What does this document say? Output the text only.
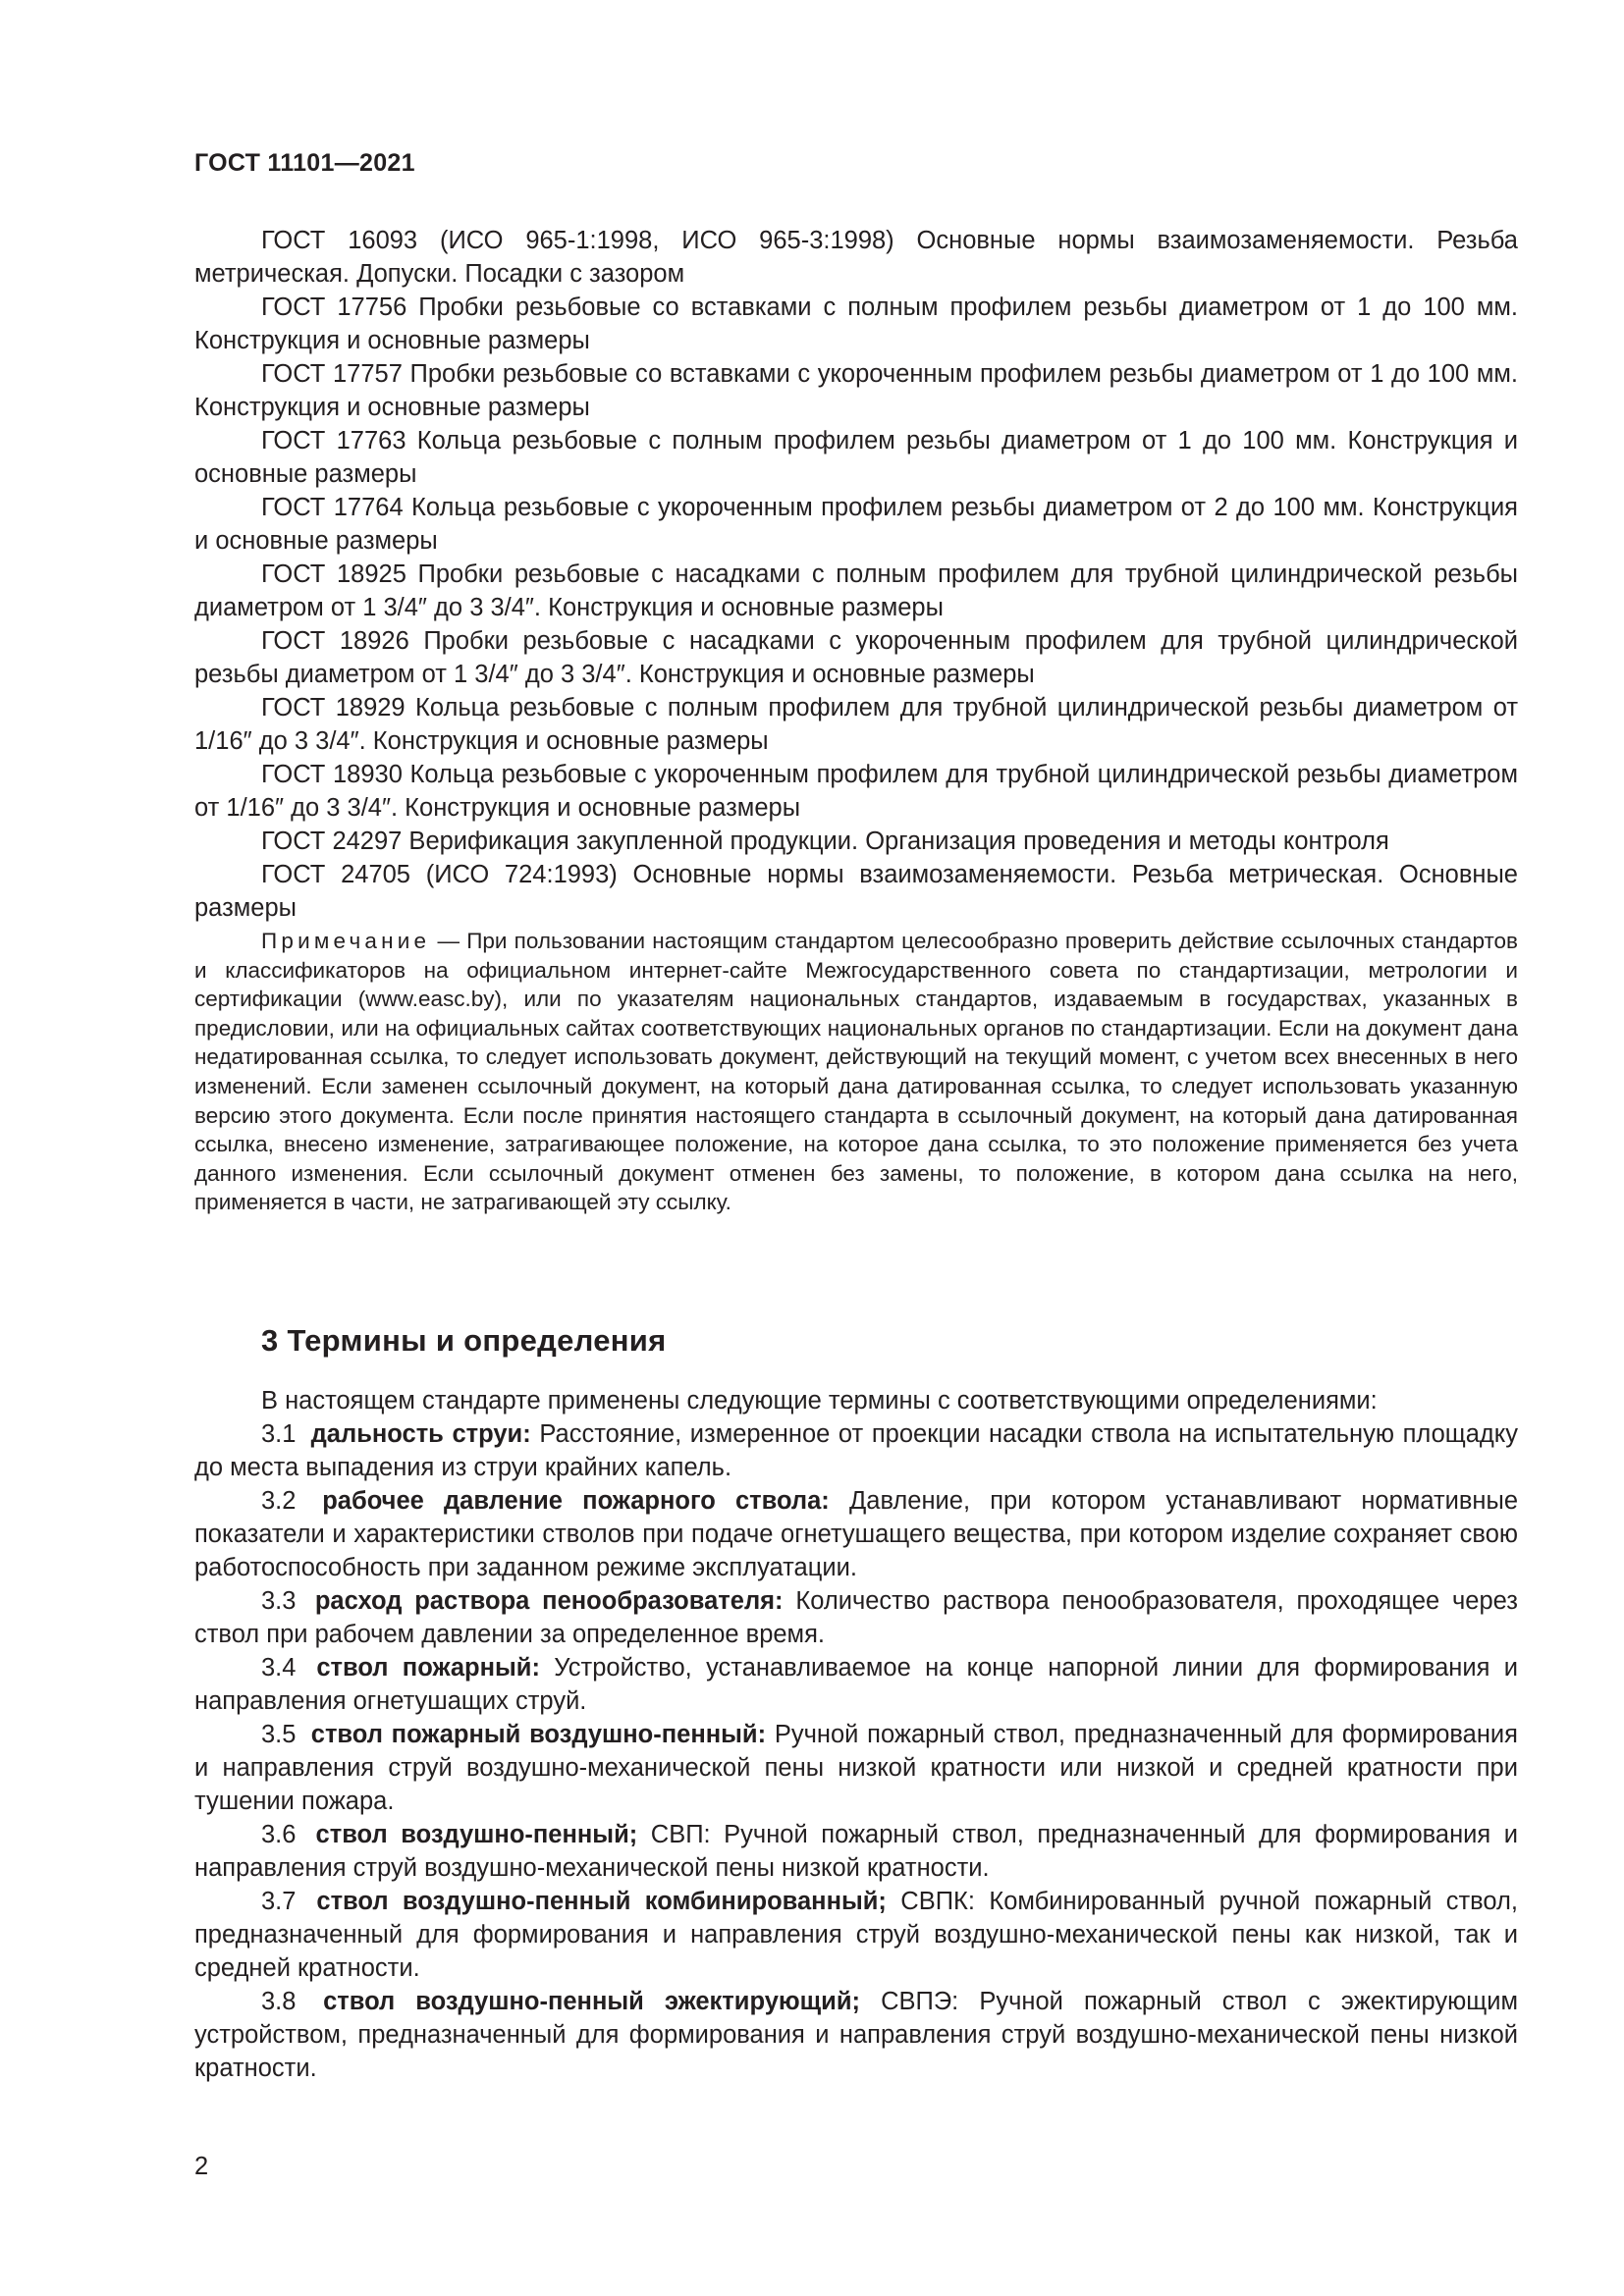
ГОСТ 11101—2021

ГОСТ 16093 (ИСО 965-1:1998, ИСО 965-3:1998) Основные нормы взаимозаменяемости. Резьба метрическая. Допуски. Посадки с зазором

ГОСТ 17756 Пробки резьбовые со вставками с полным профилем резьбы диаметром от 1 до 100 мм. Конструкция и основные размеры

ГОСТ 17757 Пробки резьбовые со вставками с укороченным профилем резьбы диаметром от 1 до 100 мм. Конструкция и основные размеры

ГОСТ 17763 Кольца резьбовые с полным профилем резьбы диаметром от 1 до 100 мм. Конструкция и основные размеры

ГОСТ 17764 Кольца резьбовые с укороченным профилем резьбы диаметром от 2 до 100 мм. Конструкция и основные размеры

ГОСТ 18925 Пробки резьбовые с насадками с полным профилем для трубной цилиндрической резьбы диаметром от 1 3/4″ до 3 3/4″. Конструкция и основные размеры

ГОСТ 18926 Пробки резьбовые с насадками с укороченным профилем для трубной цилиндрической резьбы диаметром от 1 3/4″ до 3 3/4″. Конструкция и основные размеры

ГОСТ 18929 Кольца резьбовые с полным профилем для трубной цилиндрической резьбы диаметром от 1/16″ до 3 3/4″. Конструкция и основные размеры

ГОСТ 18930 Кольца резьбовые с укороченным профилем для трубной цилиндрической резьбы диаметром от 1/16″ до 3 3/4″. Конструкция и основные размеры

ГОСТ 24297 Верификация закупленной продукции. Организация проведения и методы контроля

ГОСТ 24705 (ИСО 724:1993) Основные нормы взаимозаменяемости. Резьба метрическая. Основные размеры

Примечание — При пользовании настоящим стандартом целесообразно проверить действие ссылочных стандартов и классификаторов на официальном интернет-сайте Межгосударственного совета по стандартизации, метрологии и сертификации (www.easc.by), или по указателям национальных стандартов, издаваемым в государствах, указанных в предисловии, или на официальных сайтах соответствующих национальных органов по стандартизации. Если на документ дана недатированная ссылка, то следует использовать документ, действующий на текущий момент, с учетом всех внесенных в него изменений. Если заменен ссылочный документ, на который дана датированная ссылка, то следует использовать указанную версию этого документа. Если после принятия настоящего стандарта в ссылочный документ, на который дана датированная ссылка, внесено изменение, затрагивающее положение, на которое дана ссылка, то это положение применяется без учета данного изменения. Если ссылочный документ отменен без замены, то положение, в котором дана ссылка на него, применяется в части, не затрагивающей эту ссылку.

3 Термины и определения

В настоящем стандарте применены следующие термины с соответствующими определениями:

3.1 дальность струи: Расстояние, измеренное от проекции насадки ствола на испытательную площадку до места выпадения из струи крайних капель.

3.2 рабочее давление пожарного ствола: Давление, при котором устанавливают нормативные показатели и характеристики стволов при подаче огнетушащего вещества, при котором изделие сохраняет свою работоспособность при заданном режиме эксплуатации.

3.3 расход раствора пенообразователя: Количество раствора пенообразователя, проходящее через ствол при рабочем давлении за определенное время.

3.4 ствол пожарный: Устройство, устанавливаемое на конце напорной линии для формирования и направления огнетушащих струй.

3.5 ствол пожарный воздушно-пенный: Ручной пожарный ствол, предназначенный для формирования и направления струй воздушно-механической пены низкой кратности или низкой и средней кратности при тушении пожара.

3.6 ствол воздушно-пенный; СВП: Ручной пожарный ствол, предназначенный для формирования и направления струй воздушно-механической пены низкой кратности.

3.7 ствол воздушно-пенный комбинированный; СВПК: Комбинированный ручной пожарный ствол, предназначенный для формирования и направления струй воздушно-механической пены как низкой, так и средней кратности.

3.8 ствол воздушно-пенный эжектирующий; СВПЭ: Ручной пожарный ствол с эжектирующим устройством, предназначенный для формирования и направления струй воздушно-механической пены низкой кратности.

2
